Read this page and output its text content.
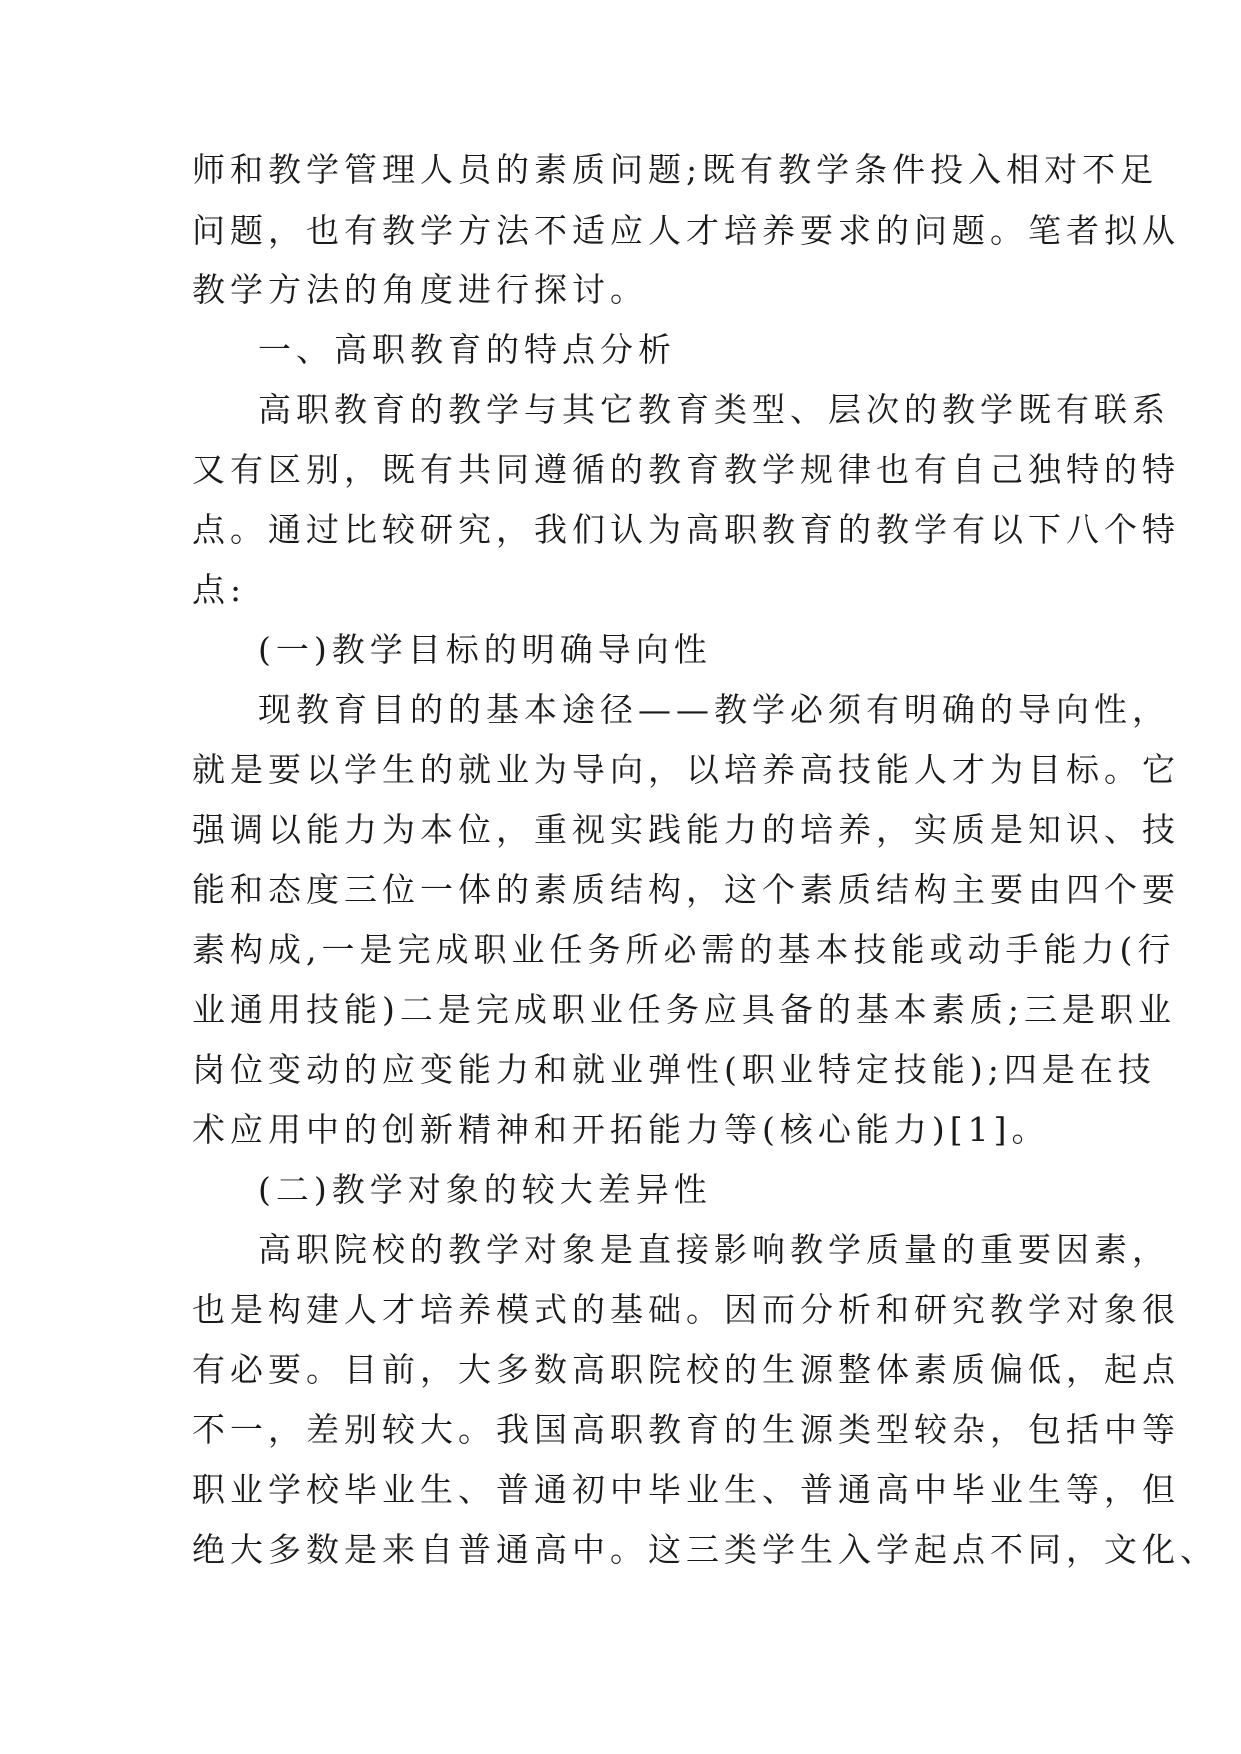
师和教学管理人员的素质问题;既有教学条件投入相对不足
问题，也有教学方法不适应人才培养要求的问题。笔者拟从
教学方法的角度进行探讨。
一、高职教育的特点分析
高职教育的教学与其它教育类型、层次的教学既有联系
又有区别，既有共同遵循的教育教学规律也有自己独特的特
点。通过比较研究，我们认为高职教育的教学有以下八个特
点:
(一)教学目标的明确导向性
现教育目的的基本途径——教学必须有明确的导向性，
就是要以学生的就业为导向，以培养高技能人才为目标。它
强调以能力为本位，重视实践能力的培养，实质是知识、技
能和态度三位一体的素质结构，这个素质结构主要由四个要
素构成,一是完成职业任务所必需的基本技能或动手能力(行
业通用技能)二是完成职业任务应具备的基本素质;三是职业
岗位变动的应变能力和就业弹性(职业特定技能);四是在技
术应用中的创新精神和开拓能力等(核心能力)[1]。
(二)教学对象的较大差异性
高职院校的教学对象是直接影响教学质量的重要因素，
也是构建人才培养模式的基础。因而分析和研究教学对象很
有必要。目前，大多数高职院校的生源整体素质偏低，起点
不一，差别较大。我国高职教育的生源类型较杂，包括中等
职业学校毕业生、普通初中毕业生、普通高中毕业生等，但
绝大多数是来自普通高中。这三类学生入学起点不同，文化、
